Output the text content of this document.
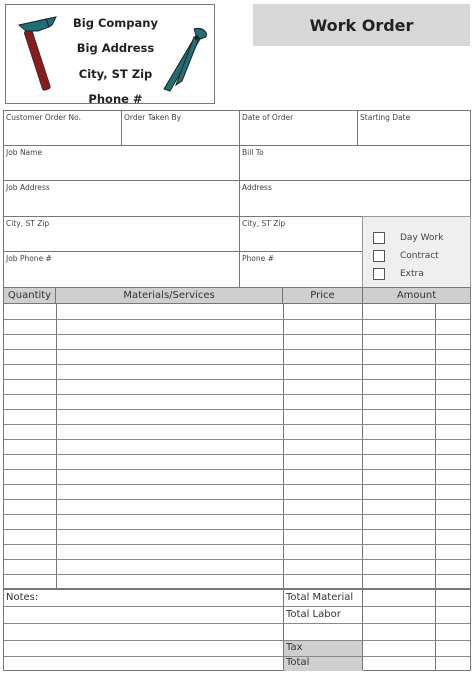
Big Company
Big Address
City, ST Zip
Phone #
Work Order
Customer Order No.	Order Taken By	Date of Order	Starting Date
Job Name	Bill To
Job Address	Address
City, ST Zip	City, ST Zip
Job Phone #	Phone #
Day Work
Contract
Extra
Quantity	Materials/Services	Price	Amount
Notes:	Total Material
Total Labor
Tax
Total
